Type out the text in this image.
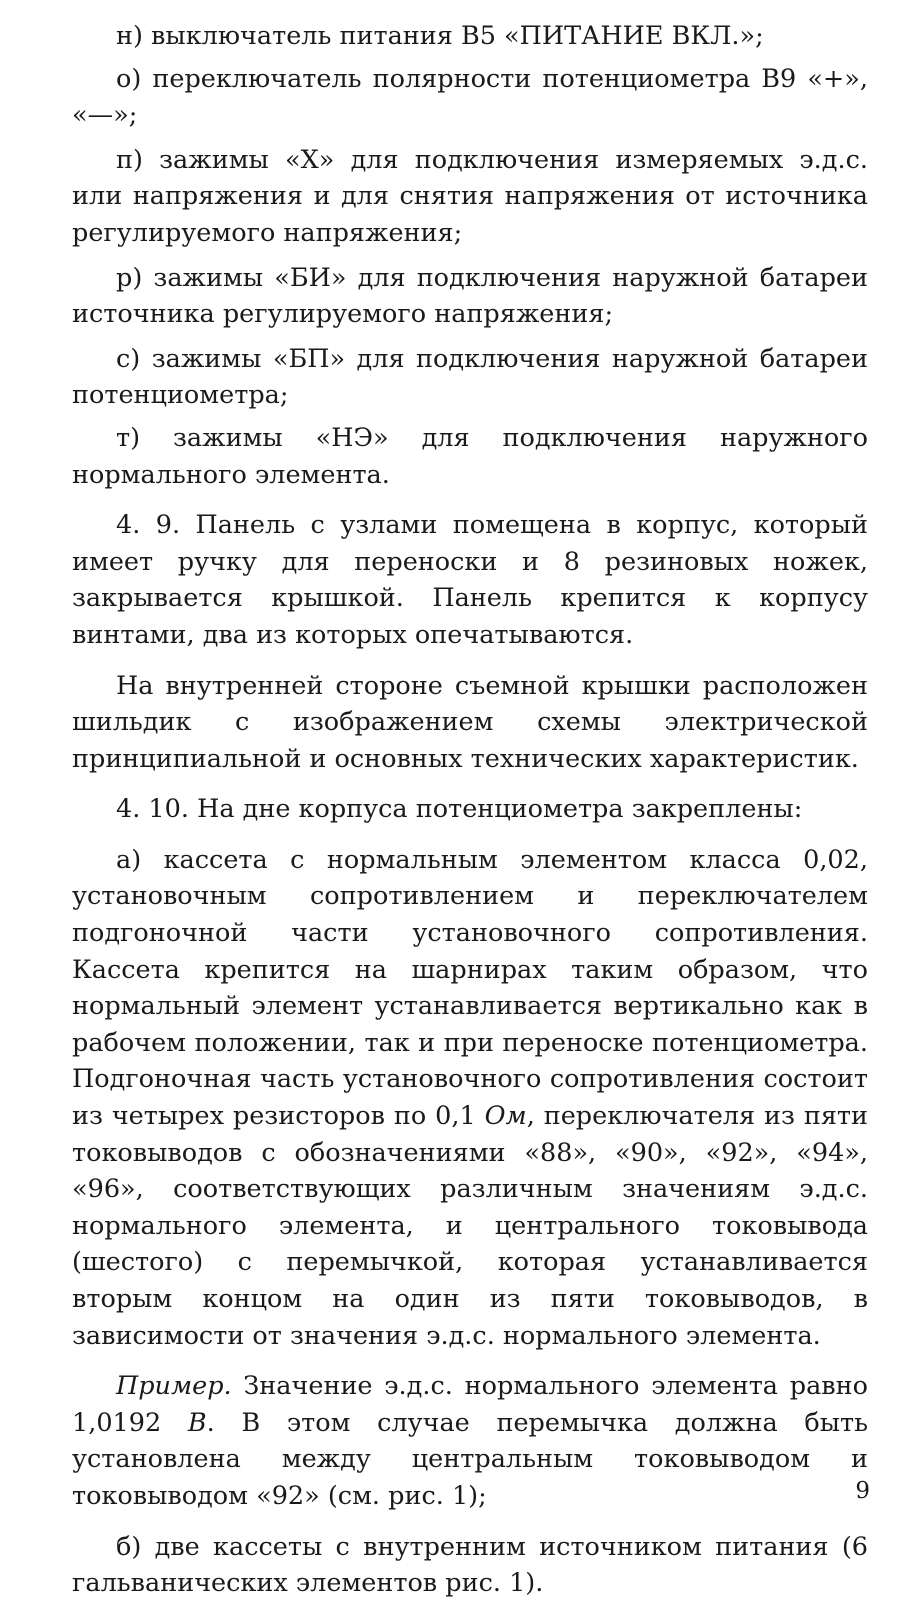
н) выключатель питания В5 «ПИТАНИЕ ВКЛ.»;

о) переключатель полярности потенциометра В9 «+», «—»;

п) зажимы «Х» для подключения измеряемых э.д.с. или напряжения и для снятия напряжения от источника регулируемого напряжения;

р) зажимы «БИ» для подключения наружной батареи источника регулируемого напряжения;

с) зажимы «БП» для подключения наружной батареи потенциометра;

т) зажимы «НЭ» для подключения наружного нормального элемента.

4. 9. Панель с узлами помещена в корпус, который имеет ручку для переноски и 8 резиновых ножек, закрывается крышкой. Панель крепится к корпусу винтами, два из которых опечатываются.

На внутренней стороне съемной крышки расположен шильдик с изображением схемы электрической принципиальной и основных технических характеристик.

4. 10. На дне корпуса потенциометра закреплены:

а) кассета с нормальным элементом класса 0,02, установочным сопротивлением и переключателем подгоночной части установочного сопротивления. Кассета крепится на шарнирах таким образом, что нормальный элемент устанавливается вертикально как в рабочем положении, так и при переноске потенциометра. Подгоночная часть установочного сопротивления состоит из четырех резисторов по 0,1 Ом, переключателя из пяти токовыводов с обозначениями «88», «90», «92», «94», «96», соответствующих различным значениям э.д.с. нормального элемента, и центрального токовывода (шестого) с перемычкой, которая устанавливается вторым концом на один из пяти токовыводов, в зависимости от значения э.д.с. нормального элемента.

Пример. Значение э.д.с. нормального элемента равно 1,0192 В. В этом случае перемычка должна быть установлена между центральным токовыводом и токовыводом «92» (см. рис. 1);

б) две кассеты с внутренним источником питания (6 гальванических элементов рис. 1).

9
